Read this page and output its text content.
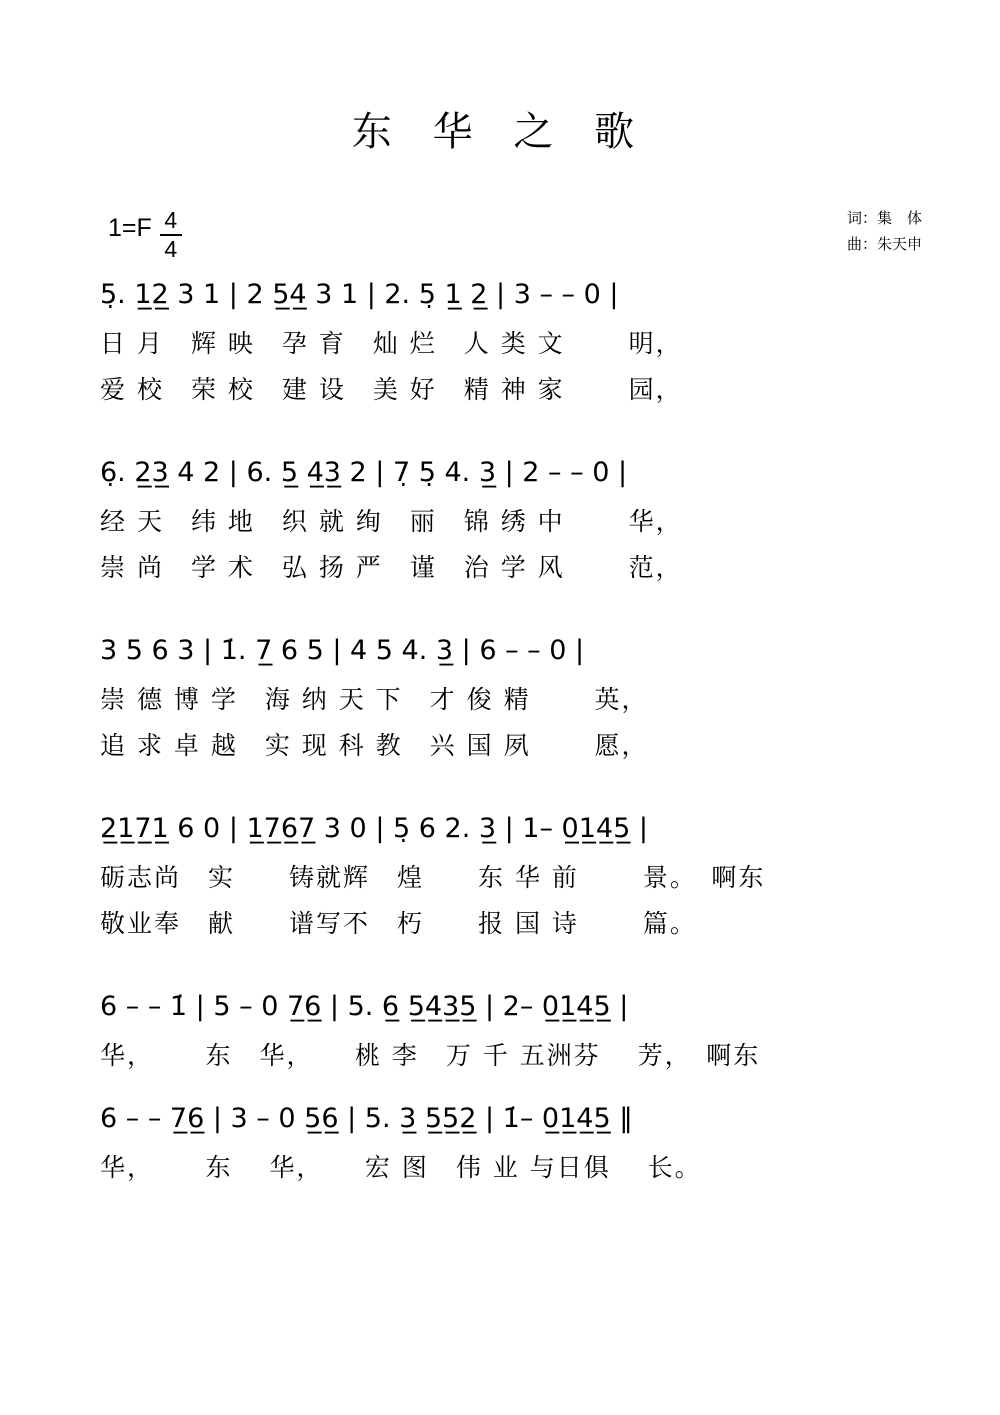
东 华 之 歌
$1=F \frac{4}{4}$	词：集　体
曲：朱天申
5̣. 1̲2̲ 3 1 | 2 5̲4̲ 3 1 | 2. 5̣ 1̲ 2̲ | 3 – – 0 |
日 月　辉 映　孕 育　灿 烂　人 类 文　　 明，
爱 校　荣 校　建 设　美 好　精 神 家　　 园，
6̣. 2̲3̲ 4 2 | 6. 5̲ 4̲3̲ 2 | 7̣ 5̣ 4. 3̲ | 2 – – 0 |
经 天　纬 地　织 就 绚　丽　锦 绣 中　　 华，
崇 尚　学 术　弘 扬 严　谨　治 学 风　　 范，
3 5 6 3 | 1̇. 7̲ 6 5 | 4 5 4. 3̲ | 6 – – 0 |
崇 德 博 学　海 纳 天 下　才 俊 精　　 英，
追 求 卓 越　实 现 科 教　兴 国 夙　　 愿，
2̲1̲7̲1̲ 6 0 | 1̲7̲6̲7̲ 3 0 | 5̣ 6 2. 3̲ | 1– 0̲1̲4̲5̲ |
砺志尚　实　　铸就辉　煌　　东 华 前　　 景。　啊东
敬业奉　献　　谱写不　朽　　报 国 诗　　 篇。
6 – – 1̇ | 5 – 0 7̲6̲ | 5. 6̲ 5̲4̲3̲5̲ | 2– 0̲1̲4̲5̲ |
华，　　 东　华，　　桃 李　万 千 五洲芬　 芳，　啊东
6 – – 7̲6̲ | 3 – 0 5̲6̲ | 5. 3̲ 5̲5̲2̲ | 1̇– 0̲1̲4̲5̲ ‖
华，　　 东　 华，　　宏 图　伟 业 与日俱　 长。
